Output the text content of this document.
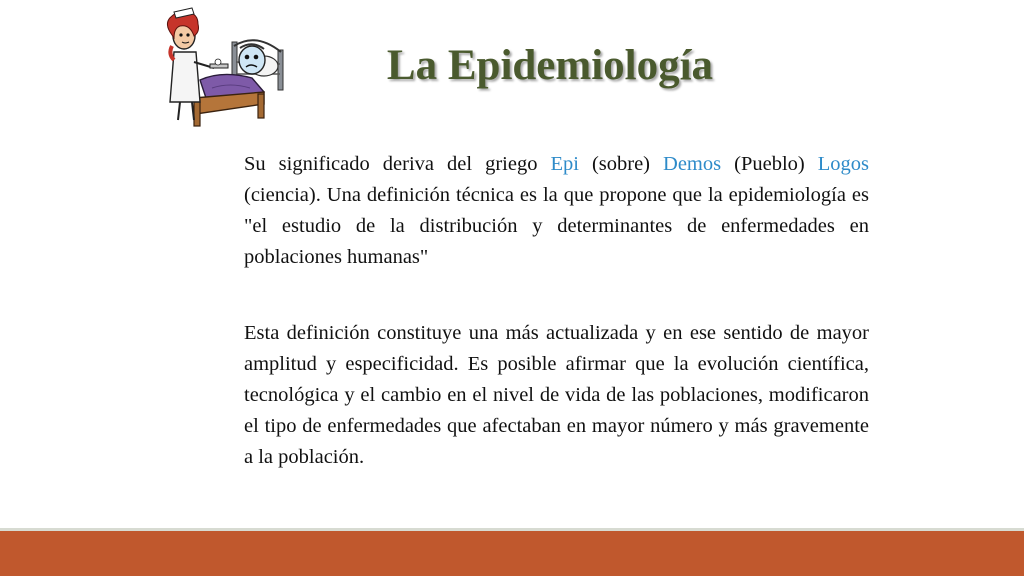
La Epidemiología

Su significado deriva del griego Epi (sobre) Demos (Pueblo) Logos (ciencia). Una definición técnica es la que propone que la epidemiología es "el estudio de la distribución y determinantes de enfermedades en poblaciones humanas"

Esta definición constituye una más actualizada y en ese sentido de mayor amplitud y especificidad. Es posible afirmar que la evolución científica, tecnológica y el cambio en el nivel de vida de las poblaciones, modificaron el tipo de enfermedades que afectaban en mayor número y más gravemente a la población.
